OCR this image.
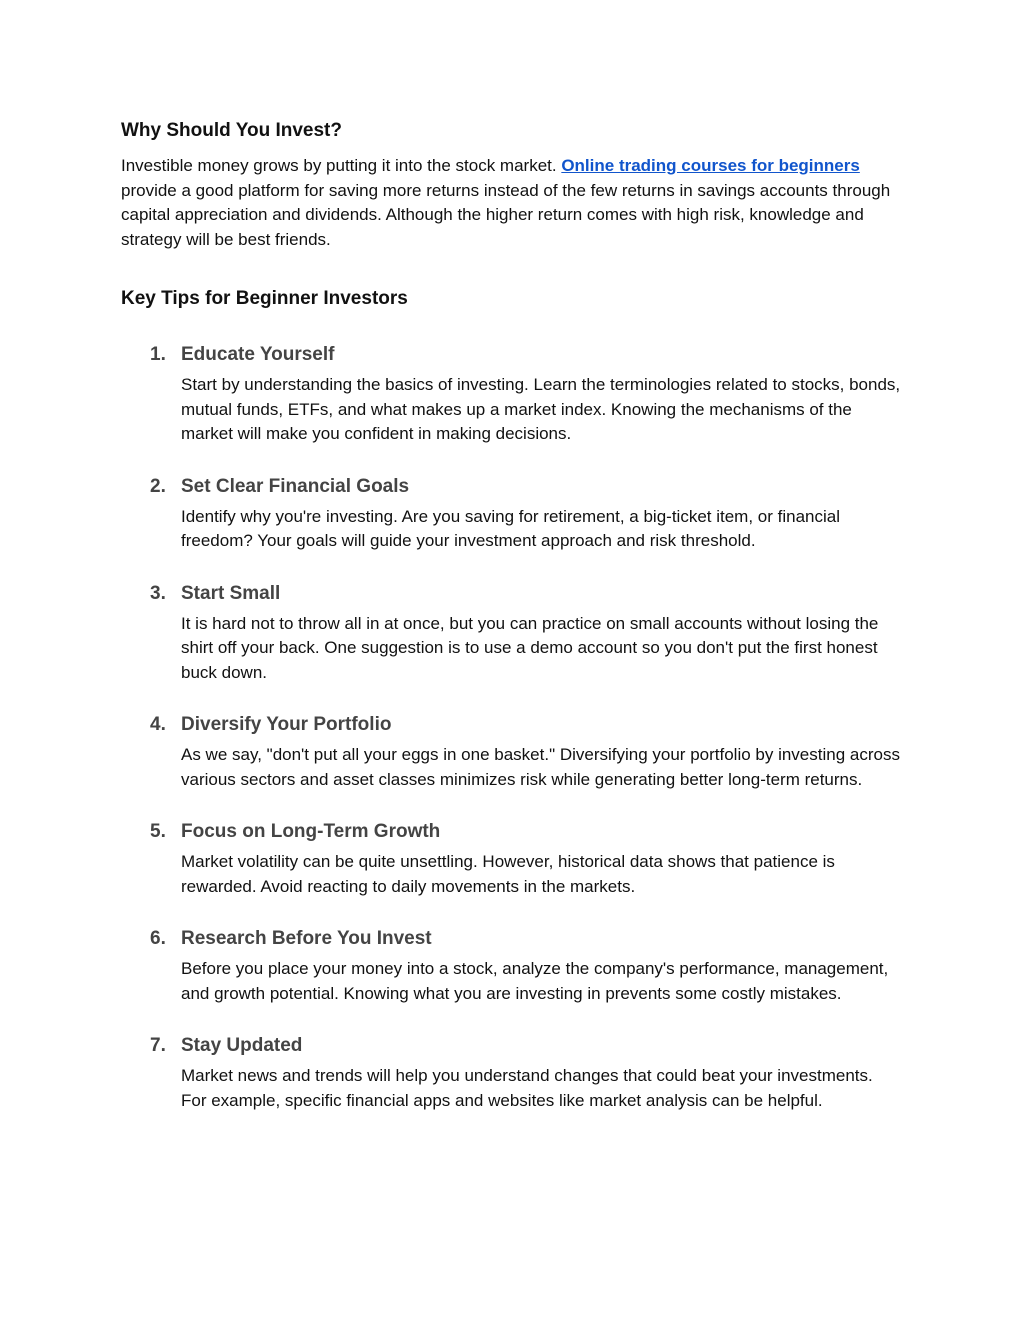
Why Should You Invest?

Investible money grows by putting it into the stock market. Online trading courses for beginners provide a good platform for saving more returns instead of the few returns in savings accounts through capital appreciation and dividends. Although the higher return comes with high risk, knowledge and strategy will be best friends.

Key Tips for Beginner Investors
1. Educate Yourself

Start by understanding the basics of investing. Learn the terminologies related to stocks, bonds, mutual funds, ETFs, and what makes up a market index. Knowing the mechanisms of the market will make you confident in making decisions.

2. Set Clear Financial Goals

Identify why you're investing. Are you saving for retirement, a big-ticket item, or financial freedom? Your goals will guide your investment approach and risk threshold.

3. Start Small

It is hard not to throw all in at once, but you can practice on small accounts without losing the shirt off your back. One suggestion is to use a demo account so you don't put the first honest buck down.

4. Diversify Your Portfolio

As we say, "don't put all your eggs in one basket." Diversifying your portfolio by investing across various sectors and asset classes minimizes risk while generating better long-term returns.

5. Focus on Long-Term Growth

Market volatility can be quite unsettling. However, historical data shows that patience is rewarded. Avoid reacting to daily movements in the markets.

6. Research Before You Invest

Before you place your money into a stock, analyze the company's performance, management, and growth potential. Knowing what you are investing in prevents some costly mistakes.

7. Stay Updated

Market news and trends will help you understand changes that could beat your investments. For example, specific financial apps and websites like market analysis can be helpful.
